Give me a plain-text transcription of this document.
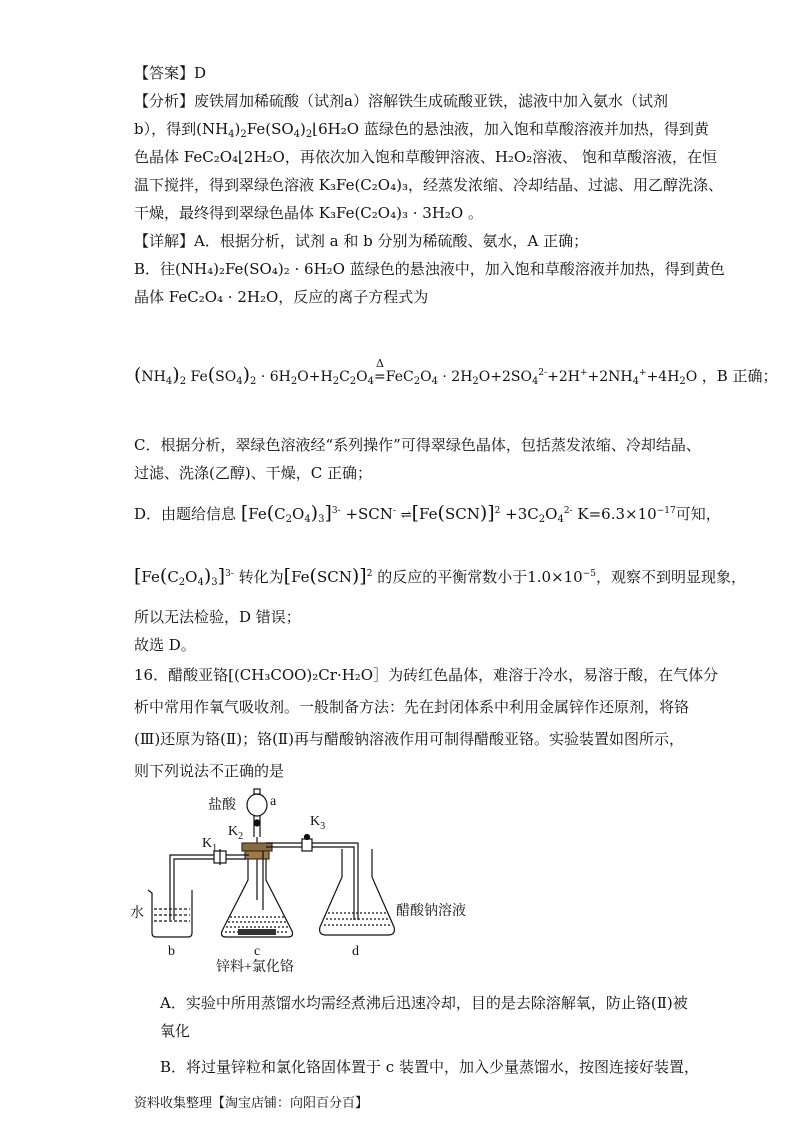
【答案】D
【分析】废铁屑加稀硫酸（试剂a）溶解铁生成硫酸亚铁，滤液中加入氨水（试剂
b），得到$(NH_4)_2Fe(SO_4)_2⌊6H_2O$ 蓝绿色的悬浊液，加入饱和草酸溶液并加热，得到黄
色晶体 FeC₂O₄⌊2H₂O，再依次加入饱和草酸钾溶液、H₂O₂溶液、 饱和草酸溶液，在恒
温下搅拌，得到翠绿色溶液 K₃Fe(C₂O₄)₃，经蒸发浓缩、冷却结晶、过滤、用乙醇洗涤、
干燥，最终得到翠绿色晶体 K₃Fe(C₂O₄)₃ · 3H₂O 。
【详解】A．根据分析，试剂 a 和 b 分别为稀硫酸、氨水，A 正确；
B．往(NH₄)₂Fe(SO₄)₂ · 6H₂O 蓝绿色的悬浊液中，加入饱和草酸溶液并加热，得到黄色
晶体 FeC₂O₄ · 2H₂O，反应的离子方程式为
$(NH_4)_2$ $Fe(SO_4)_2 \cdot 6H_2O+H_2C_2O_4$
Δ
$=FeC_2O_4 \cdot 2H_2O+2SO_4^{2-}+2H^++2NH_4^++4H_2O$ ，B 正确；
C．根据分析，翠绿色溶液经“系列操作”可得翠绿色晶体，包括蒸发浓缩、冷却结晶、
过滤、洗涤(乙醇)、干燥，C 正确；
D．由题给信息 $[Fe(C_2O_4)_3]^{3-} +SCN^-$ $\rightleftharpoons[Fe(SCN)]^2 +3C_2O_4^{2-}$ $K=6.3\times 10^{-17}$可知，
$[Fe(C_2O_4)_3]^{3-}$ 转化为$[Fe(SCN)]^2$ 的反应的平衡常数小于$1.0\times 10^{-5}$，观察不到明显现象，
所以无法检验，D 错误；
故选 D。
16．醋酸亚铬[(CH₃COO)₂Cr·H₂O］为砖红色晶体，难溶于冷水，易溶于酸，在气体分
析中常用作氧气吸收剂。一般制备方法：先在封闭体系中利用金属锌作还原剂，将铬
(Ⅲ)还原为铬(Ⅱ)；铬(Ⅱ)再与醋酸钠溶液作用可制得醋酸亚铬。实验装置如图所示，
则下列说法不正确的是
盐酸 a
$K_2$
$K_1$
$K_3$
水
b	c	d
醋酸钠溶液
锌料+氯化铬
A．实验中所用蒸馏水均需经煮沸后迅速冷却，目的是去除溶解氧，防止铬(Ⅱ)被
氧化
B．将过量锌粒和氯化铬固体置于 c 装置中，加入少量蒸馏水，按图连接好装置，
资料收集整理【淘宝店铺：向阳百分百】
